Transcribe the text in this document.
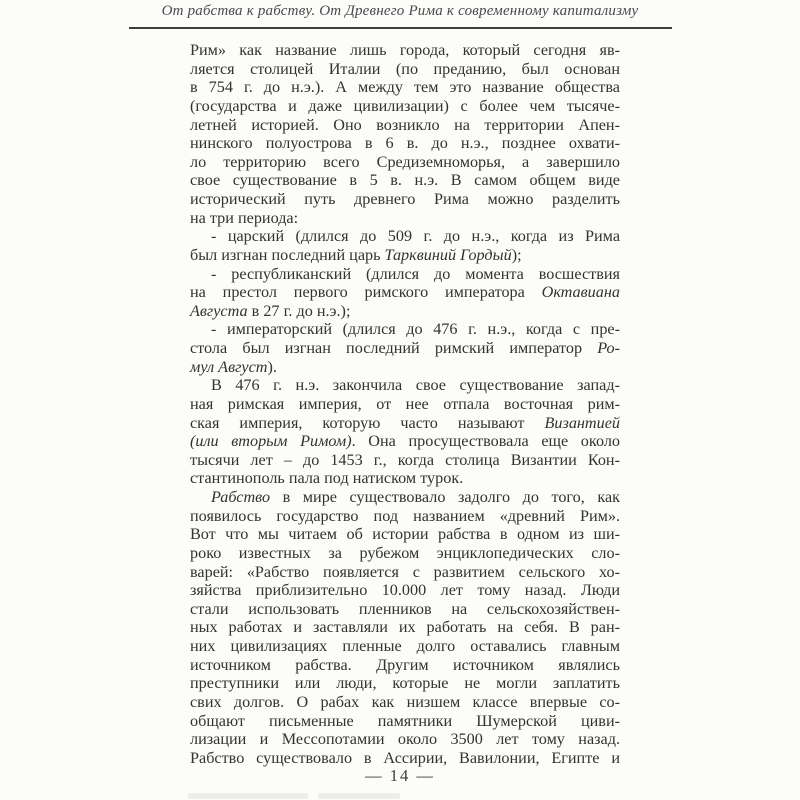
От рабства к рабству. От Древнего Рима к современному капитализму
Рим» как название лишь города, который сегодня яв-
ляется столицей Италии (по преданию, был основан
в 754 г. до н.э.). А между тем это название общества
(государства и даже цивилизации) с более чем тысяче-
летней историей. Оно возникло на территории Апен-
нинского полуострова в 6 в. до н.э., позднее охвати-
ло территорию всего Средиземноморья, а завершило
свое существование в 5 в. н.э. В самом общем виде
исторический путь древнего Рима можно разделить
на три периода:
- царский (длился до 509 г. до н.э., когда из Рима
был изгнан последний царь Тарквиний Гордый);
- республиканский (длился до момента восшествия
на престол первого римского императора Октавиана
Августа в 27 г. до н.э.);
- императорский (длился до 476 г. н.э., когда с пре-
стола был изгнан последний римский император Ро-
мул Август).
В 476 г. н.э. закончила свое существование запад-
ная римская империя, от нее отпала восточная рим-
ская империя, которую часто называют Византией
(или вторым Римом). Она просуществовала еще около
тысячи лет – до 1453 г., когда столица Византии Кон-
стантинополь пала под натиском турок.
Рабство в мире существовало задолго до того, как
появилось государство под названием «древний Рим».
Вот что мы читаем об истории рабства в одном из ши-
роко известных за рубежом энциклопедических сло-
варей: «Рабство появляется с развитием сельского хо-
зяйства приблизительно 10.000 лет тому назад. Люди
стали использовать пленников на сельскохозяйствен-
ных работах и заставляли их работать на себя. В ран-
них цивилизациях пленные долго оставались главным
источником рабства. Другим источником являлись
преступники или люди, которые не могли заплатить
свих долгов. О рабах как низшем классе впервые со-
общают письменные памятники Шумерской циви-
лизации и Мессопотамии около 3500 лет тому назад.
Рабство существовало в Ассирии, Вавилонии, Египте и
— 14 —
